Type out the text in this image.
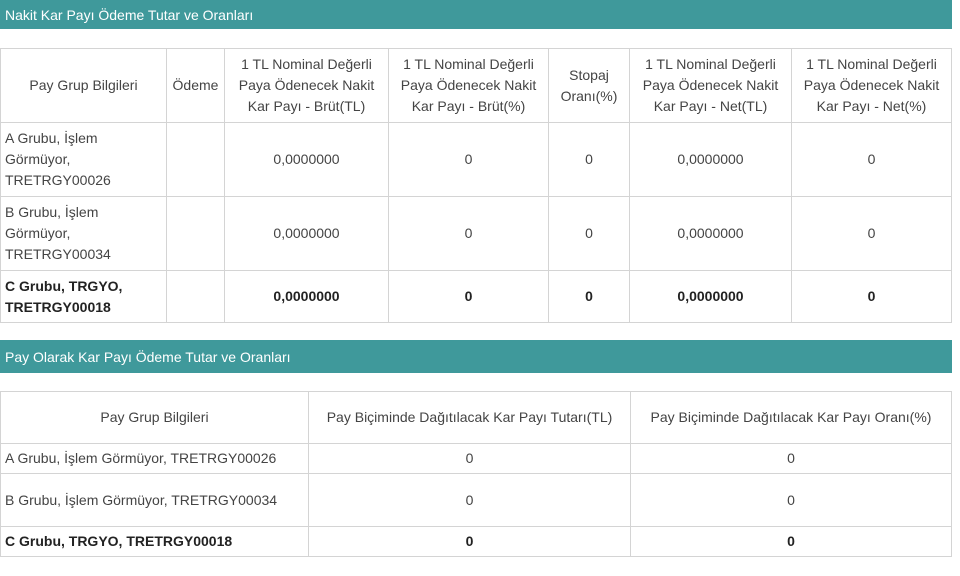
Nakit Kar Payı Ödeme Tutar ve Oranları
Pay Grup Bilgileri	Ödeme	1 TL Nominal Değerli Paya Ödenecek Nakit Kar Payı - Brüt(TL)	1 TL Nominal Değerli Paya Ödenecek Nakit Kar Payı - Brüt(%)	Stopaj Oranı(%)	1 TL Nominal Değerli Paya Ödenecek Nakit Kar Payı - Net(TL)	1 TL Nominal Değerli Paya Ödenecek Nakit Kar Payı - Net(%)
A Grubu, İşlem Görmüyor, TRETRGY00026		0,0000000	0	0	0,0000000	0
B Grubu, İşlem Görmüyor, TRETRGY00034		0,0000000	0	0	0,0000000	0
C Grubu, TRGYO, TRETRGY00018		0,0000000	0	0	0,0000000	0
Pay Olarak Kar Payı Ödeme Tutar ve Oranları
Pay Grup Bilgileri	Pay Biçiminde Dağıtılacak Kar Payı Tutarı(TL)	Pay Biçiminde Dağıtılacak Kar Payı Oranı(%)
A Grubu, İşlem Görmüyor, TRETRGY00026	0	0
B Grubu, İşlem Görmüyor, TRETRGY00034	0	0
C Grubu, TRGYO, TRETRGY00018	0	0
